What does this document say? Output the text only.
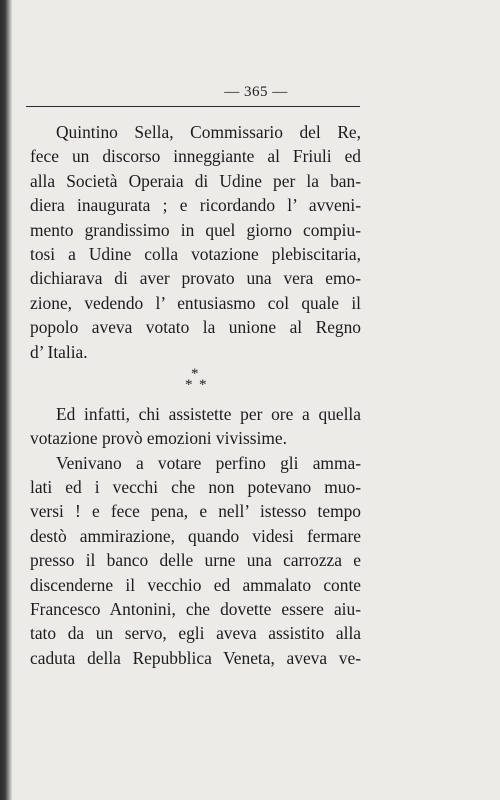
— 365 —
Quintino Sella, Commissario del Re,
fece un discorso inneggiante al Friuli ed
alla Società Operaia di Udine per la ban-
diera inaugurata ; e ricordando l’ avveni-
mento grandissimo in quel giorno compiu-
tosi a Udine colla votazione plebiscitaria,
dichiarava di aver provato una vera emo-
zione, vedendo l’ entusiasmo col quale il
popolo aveva votato la unione al Regno
d’ Italia.
*
* *
Ed infatti, chi assistette per ore a quella
votazione provò emozioni vivissime.
Venivano a votare perfino gli amma-
lati ed i vecchi che non potevano muo-
versi ! e fece pena, e nell’ istesso tempo
destò ammirazione, quando videsi fermare
presso il banco delle urne una carrozza e
discenderne il vecchio ed ammalato conte
Francesco Antonini, che dovette essere aiu-
tato da un servo, egli aveva assistito alla
caduta della Repubblica Veneta, aveva ve-
